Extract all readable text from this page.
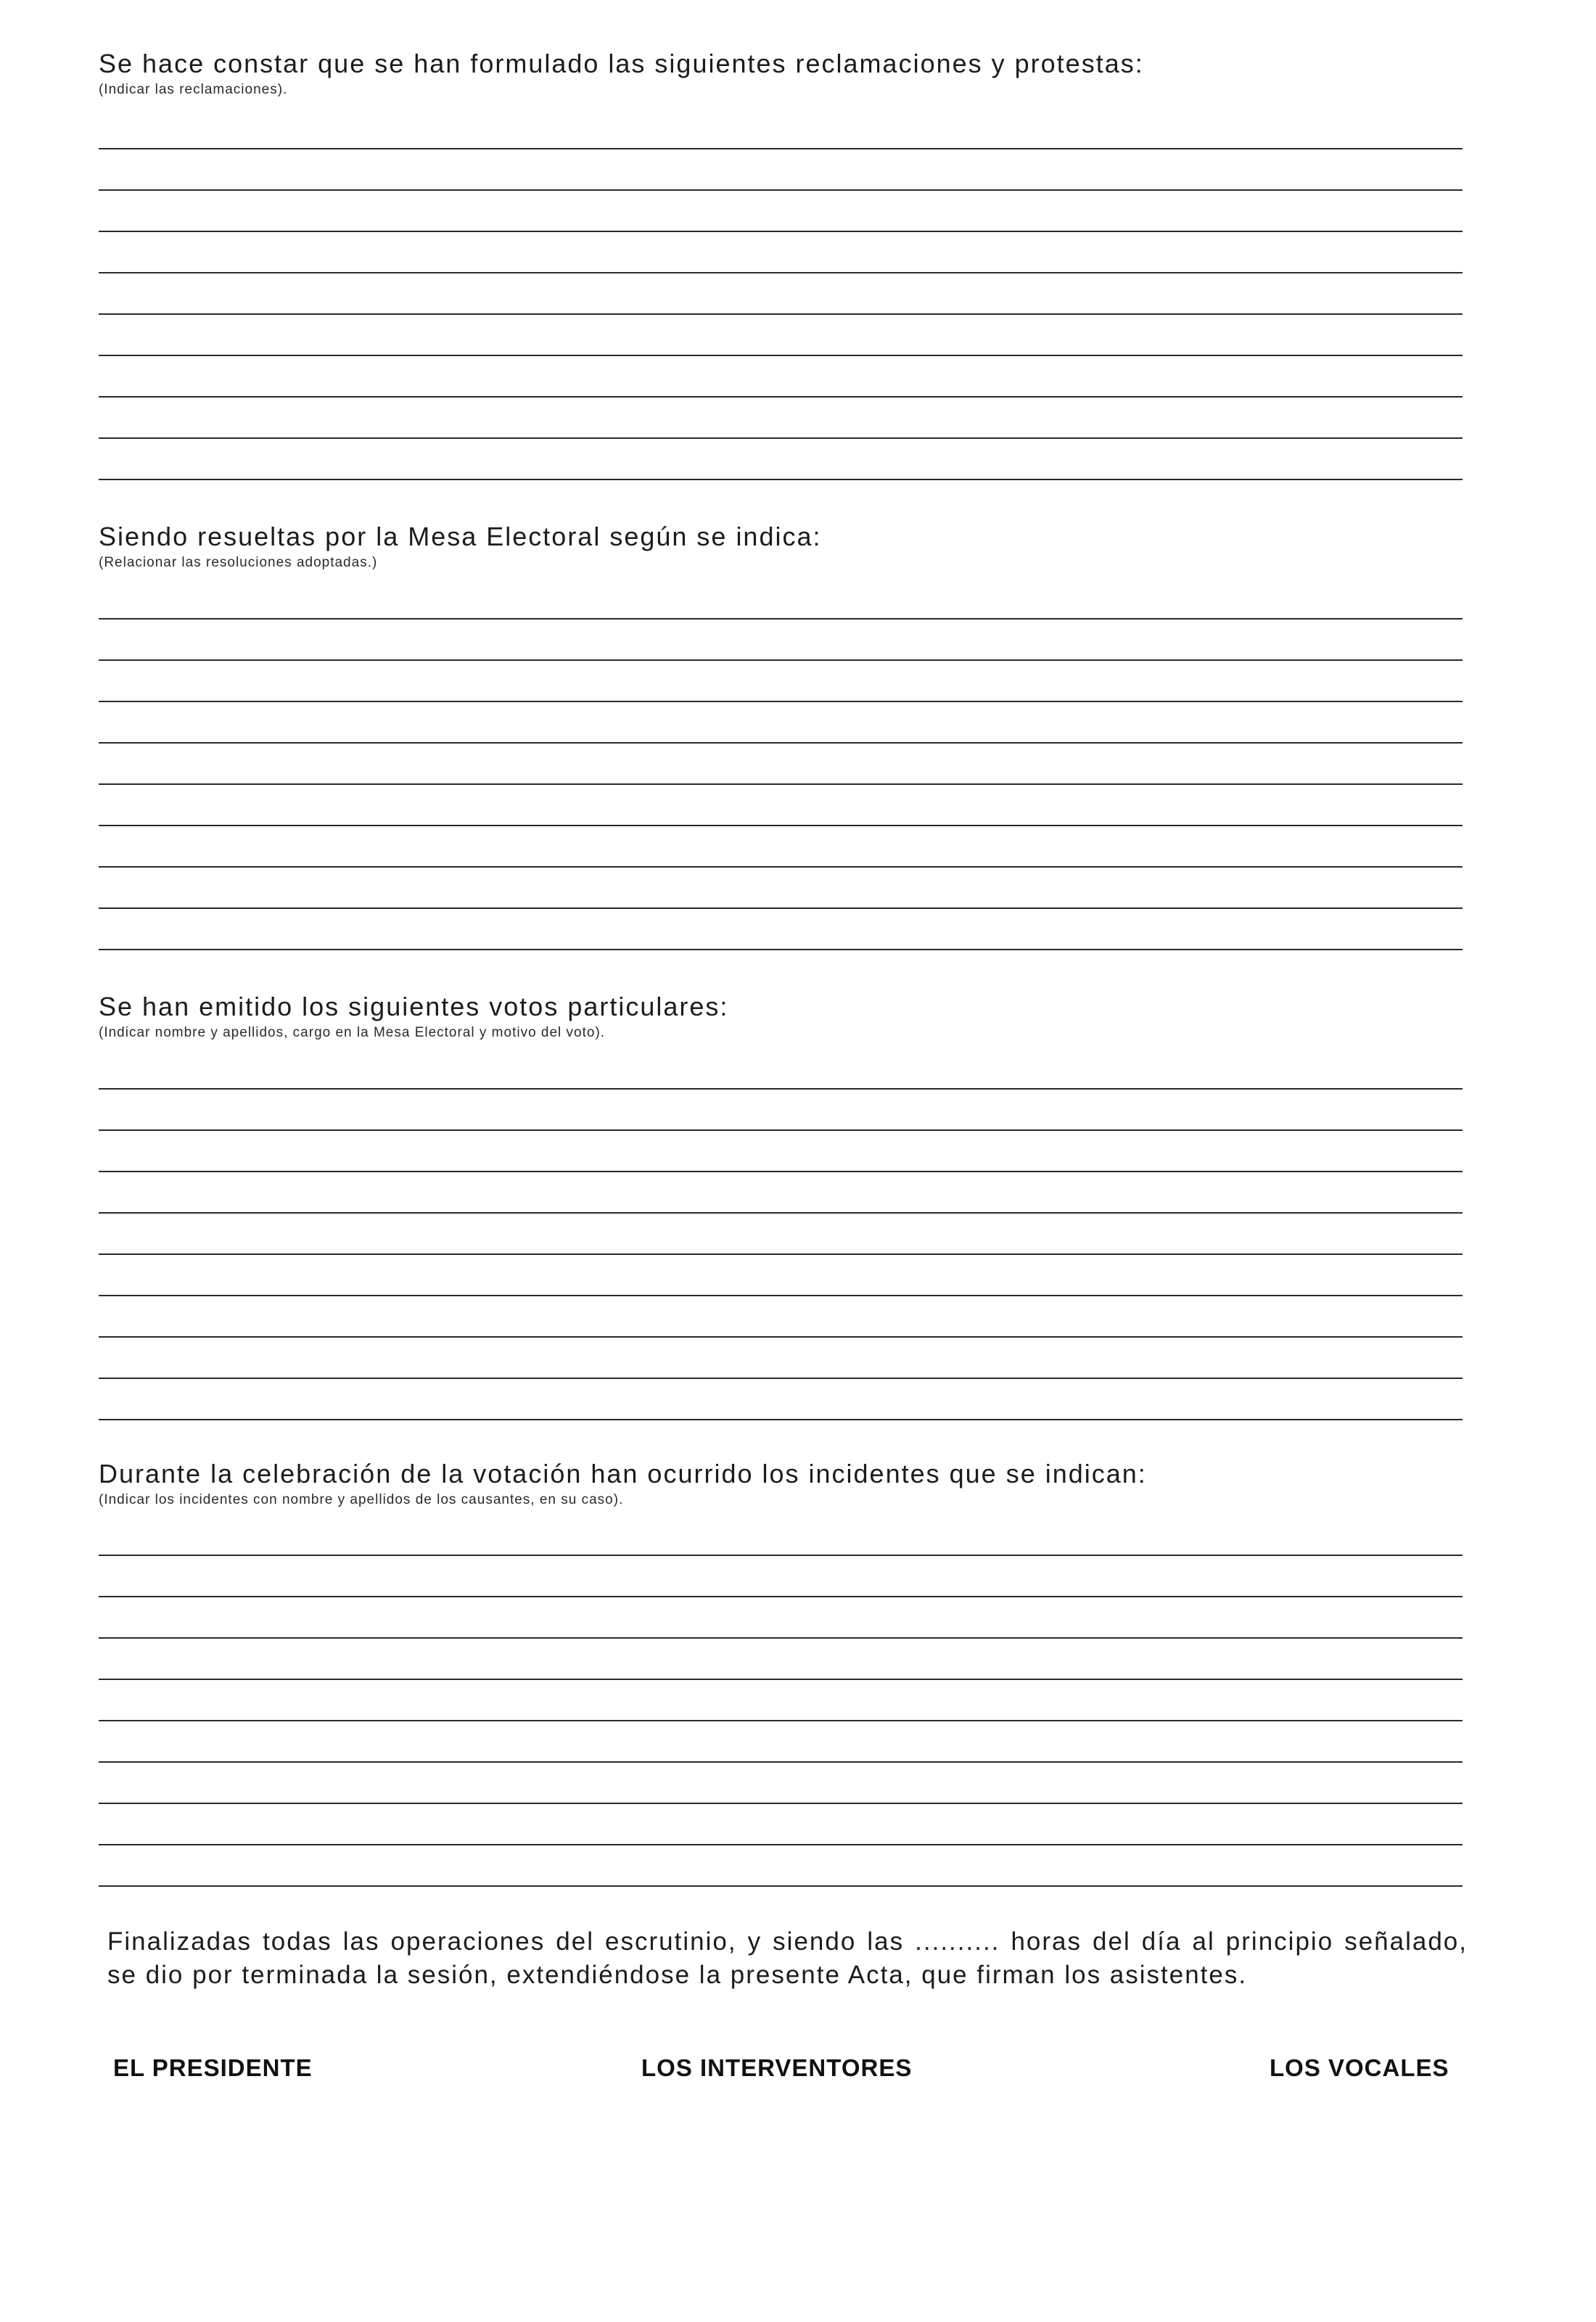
Se hace constar que se han formulado las siguientes reclamaciones y protestas:
(Indicar las reclamaciones).
Siendo resueltas por la Mesa Electoral según se indica:
(Relacionar las resoluciones adoptadas.)
Se han emitido los siguientes votos particulares:
(Indicar nombre y apellidos, cargo en la Mesa Electoral y motivo del voto).
Durante la celebración de la votación han ocurrido los incidentes que se indican:
(Indicar los incidentes con nombre y apellidos de los causantes, en su caso).

Finalizadas todas las operaciones del escrutinio, y siendo las .......... horas del día al principio señalado, se dio por terminada la sesión, extendiéndose la presente Acta, que firman los asistentes.

EL PRESIDENTE	LOS INTERVENTORES	LOS VOCALES
